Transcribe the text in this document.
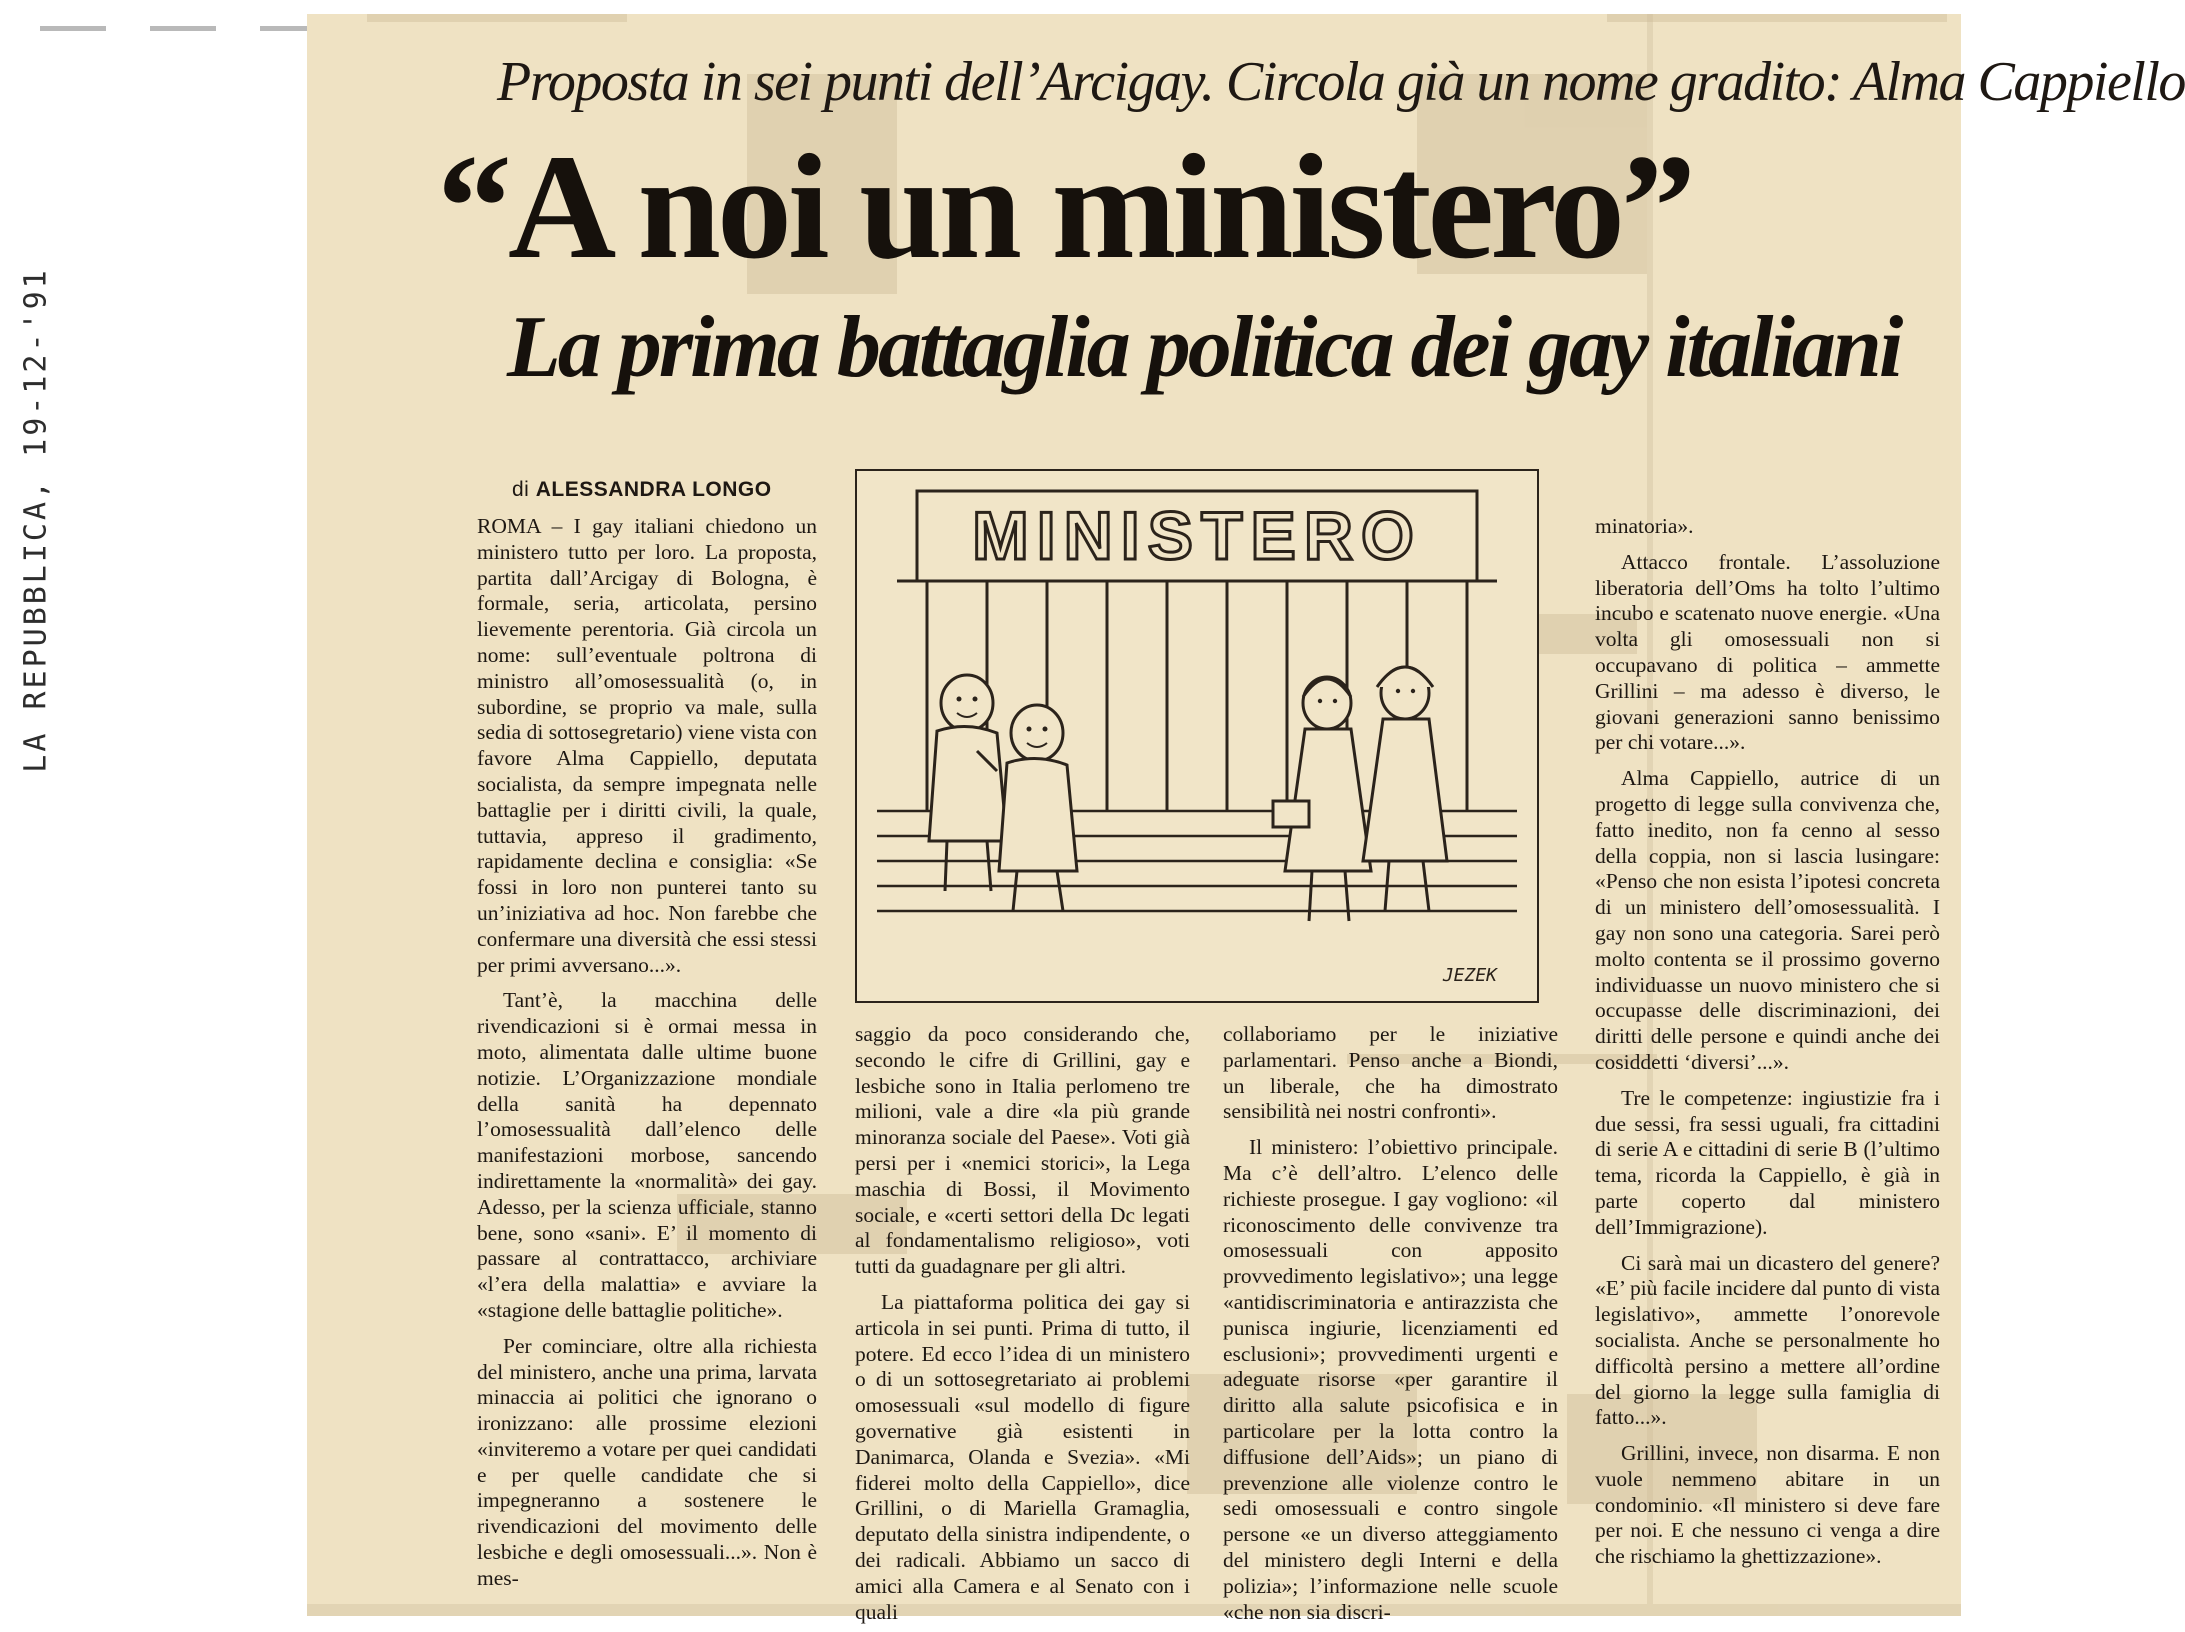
LA REPUBBLICA, 19-12-'91
Proposta in sei punti dell’Arcigay. Circola già un nome gradito: Alma Cappiello
“A noi un ministero”
La prima battaglia politica dei gay italiani
di ALESSANDRA LONGO
MINISTERO
JEZEK

ROMA – I gay italiani chiedono un ministero tutto per loro. La proposta, partita dall’Arcigay di Bologna, è formale, seria, articolata, persino lievemente perentoria. Già circola un nome: sull’eventuale poltrona di ministro all’omosessualità (o, in subordine, se proprio va male, sulla sedia di sottosegretario) viene vista con favore Alma Cappiello, deputata socialista, da sempre impegnata nelle battaglie per i diritti civili, la quale, tuttavia, appreso il gradimento, rapidamente declina e consiglia: «Se fossi in loro non punterei tanto su un’iniziativa ad hoc. Non farebbe che confermare una diversità che essi stessi per primi avversano...».

Tant’è, la macchina delle rivendicazioni si è ormai messa in moto, alimentata dalle ultime buone notizie. L’Organizzazione mondiale della sanità ha depennato l’omosessualità dall’elenco delle manifestazioni morbose, sancendo indirettamente la «normalità» dei gay. Adesso, per la scienza ufficiale, stanno bene, sono «sani». E’ il momento di passare al contrattacco, archiviare «l’era della malattia» e avviare la «stagione delle battaglie politiche».

Per cominciare, oltre alla richiesta del ministero, anche una prima, larvata minaccia ai politici che ignorano o ironizzano: alle prossime elezioni «inviteremo a votare per quei candidati e per quelle candidate che si impegneranno a sostenere le rivendicazioni del movimento delle lesbiche e degli omosessuali...». Non è mes-

saggio da poco considerando che, secondo le cifre di Grillini, gay e lesbiche sono in Italia perlomeno tre milioni, vale a dire «la più grande minoranza sociale del Paese». Voti già persi per i «nemici storici», la Lega maschia di Bossi, il Movimento sociale, e «certi settori della Dc legati al fondamentalismo religioso», voti tutti da guadagnare per gli altri.

La piattaforma politica dei gay si articola in sei punti. Prima di tutto, il potere. Ed ecco l’idea di un ministero o di un sottosegretariato ai problemi omosessuali «sul modello di figure governative già esistenti in Danimarca, Olanda e Svezia». «Mi fiderei molto della Cappiello», dice Grillini, o di Mariella Gramaglia, deputato della sinistra indipendente, o dei radicali. Abbiamo un sacco di amici alla Camera e al Senato con i quali

collaboriamo per le iniziative parlamentari. Penso anche a Biondi, un liberale, che ha dimostrato sensibilità nei nostri confronti».

Il ministero: l’obiettivo principale. Ma c’è dell’altro. L’elenco delle richieste prosegue. I gay vogliono: «il riconoscimento delle convivenze tra omosessuali con apposito provvedimento legislativo»; una legge «antidiscriminatoria e antirazzista che punisca ingiurie, licenziamenti ed esclusioni»; provvedimenti urgenti e adeguate risorse «per garantire il diritto alla salute psicofisica e in particolare per la lotta contro la diffusione dell’Aids»; un piano di prevenzione alle violenze contro le sedi omosessuali e contro singole persone «e un diverso atteggiamento del ministero degli Interni e della polizia»; l’informazione nelle scuole «che non sia discri-

minatoria».

Attacco frontale. L’assoluzione liberatoria dell’Oms ha tolto l’ultimo incubo e scatenato nuove energie. «Una volta gli omosessuali non si occupavano di politica – ammette Grillini – ma adesso è diverso, le giovani generazioni sanno benissimo per chi votare...».

Alma Cappiello, autrice di un progetto di legge sulla convivenza che, fatto inedito, non fa cenno al sesso della coppia, non si lascia lusingare: «Penso che non esista l’ipotesi concreta di un ministero dell’omosessualità. I gay non sono una categoria. Sarei però molto contenta se il prossimo governo individuasse un nuovo ministero che si occupasse delle discriminazioni, dei diritti delle persone e quindi anche dei cosiddetti ‘diversi’...».

Tre le competenze: ingiustizie fra i due sessi, fra sessi uguali, fra cittadini di serie A e cittadini di serie B (l’ultimo tema, ricorda la Cappiello, è già in parte coperto dal ministero dell’Immigrazione).

Ci sarà mai un dicastero del genere? «E’ più facile incidere dal punto di vista legislativo», ammette l’onorevole socialista. Anche se personalmente ho difficoltà persino a mettere all’ordine del giorno la legge sulla famiglia di fatto...».

Grillini, invece, non disarma. E non vuole nemmeno abitare in un condominio. «Il ministero si deve fare per noi. E che nessuno ci venga a dire che rischiamo la ghettizzazione».
